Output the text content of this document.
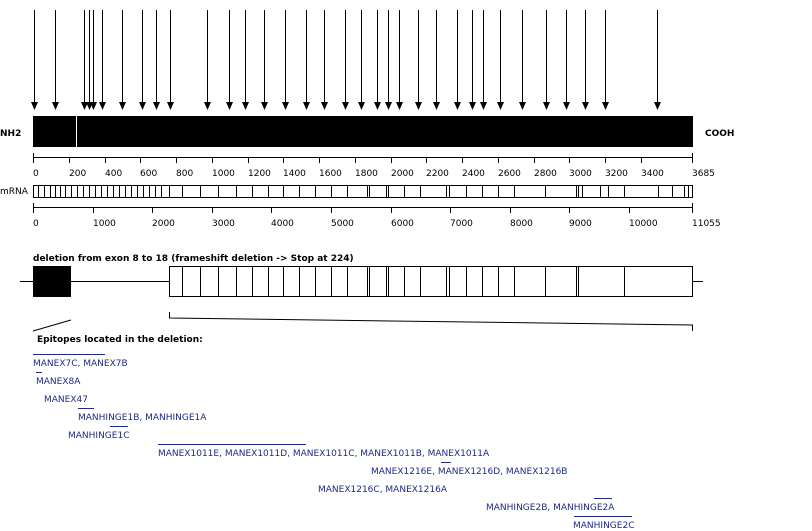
NH2	COOH
0	200 400 600 800 1000 1200 1400 1600 1800 2000 2200 2400 2600 2800 3000 3200 3400	3685
mRNA
0	1000	2000	3000	4000	5000	6000	7000	8000	9000	10000	11055
deletion from exon 8 to 18 (frameshift deletion -> Stop at 224)
Epitopes located in the deletion:
MANEX7C, MANEX7B
MANEX8A
MANEX47
MANHINGE1B, MANHINGE1A
MANHINGE1C
MANEX1011E, MANEX1011D, MANEX1011C, MANEX1011B, MANEX1011A
MANEX1216E, MANEX1216D, MANEX1216B
MANEX1216C, MANEX1216A
MANHINGE2B, MANHINGE2A
MANHINGE2C
